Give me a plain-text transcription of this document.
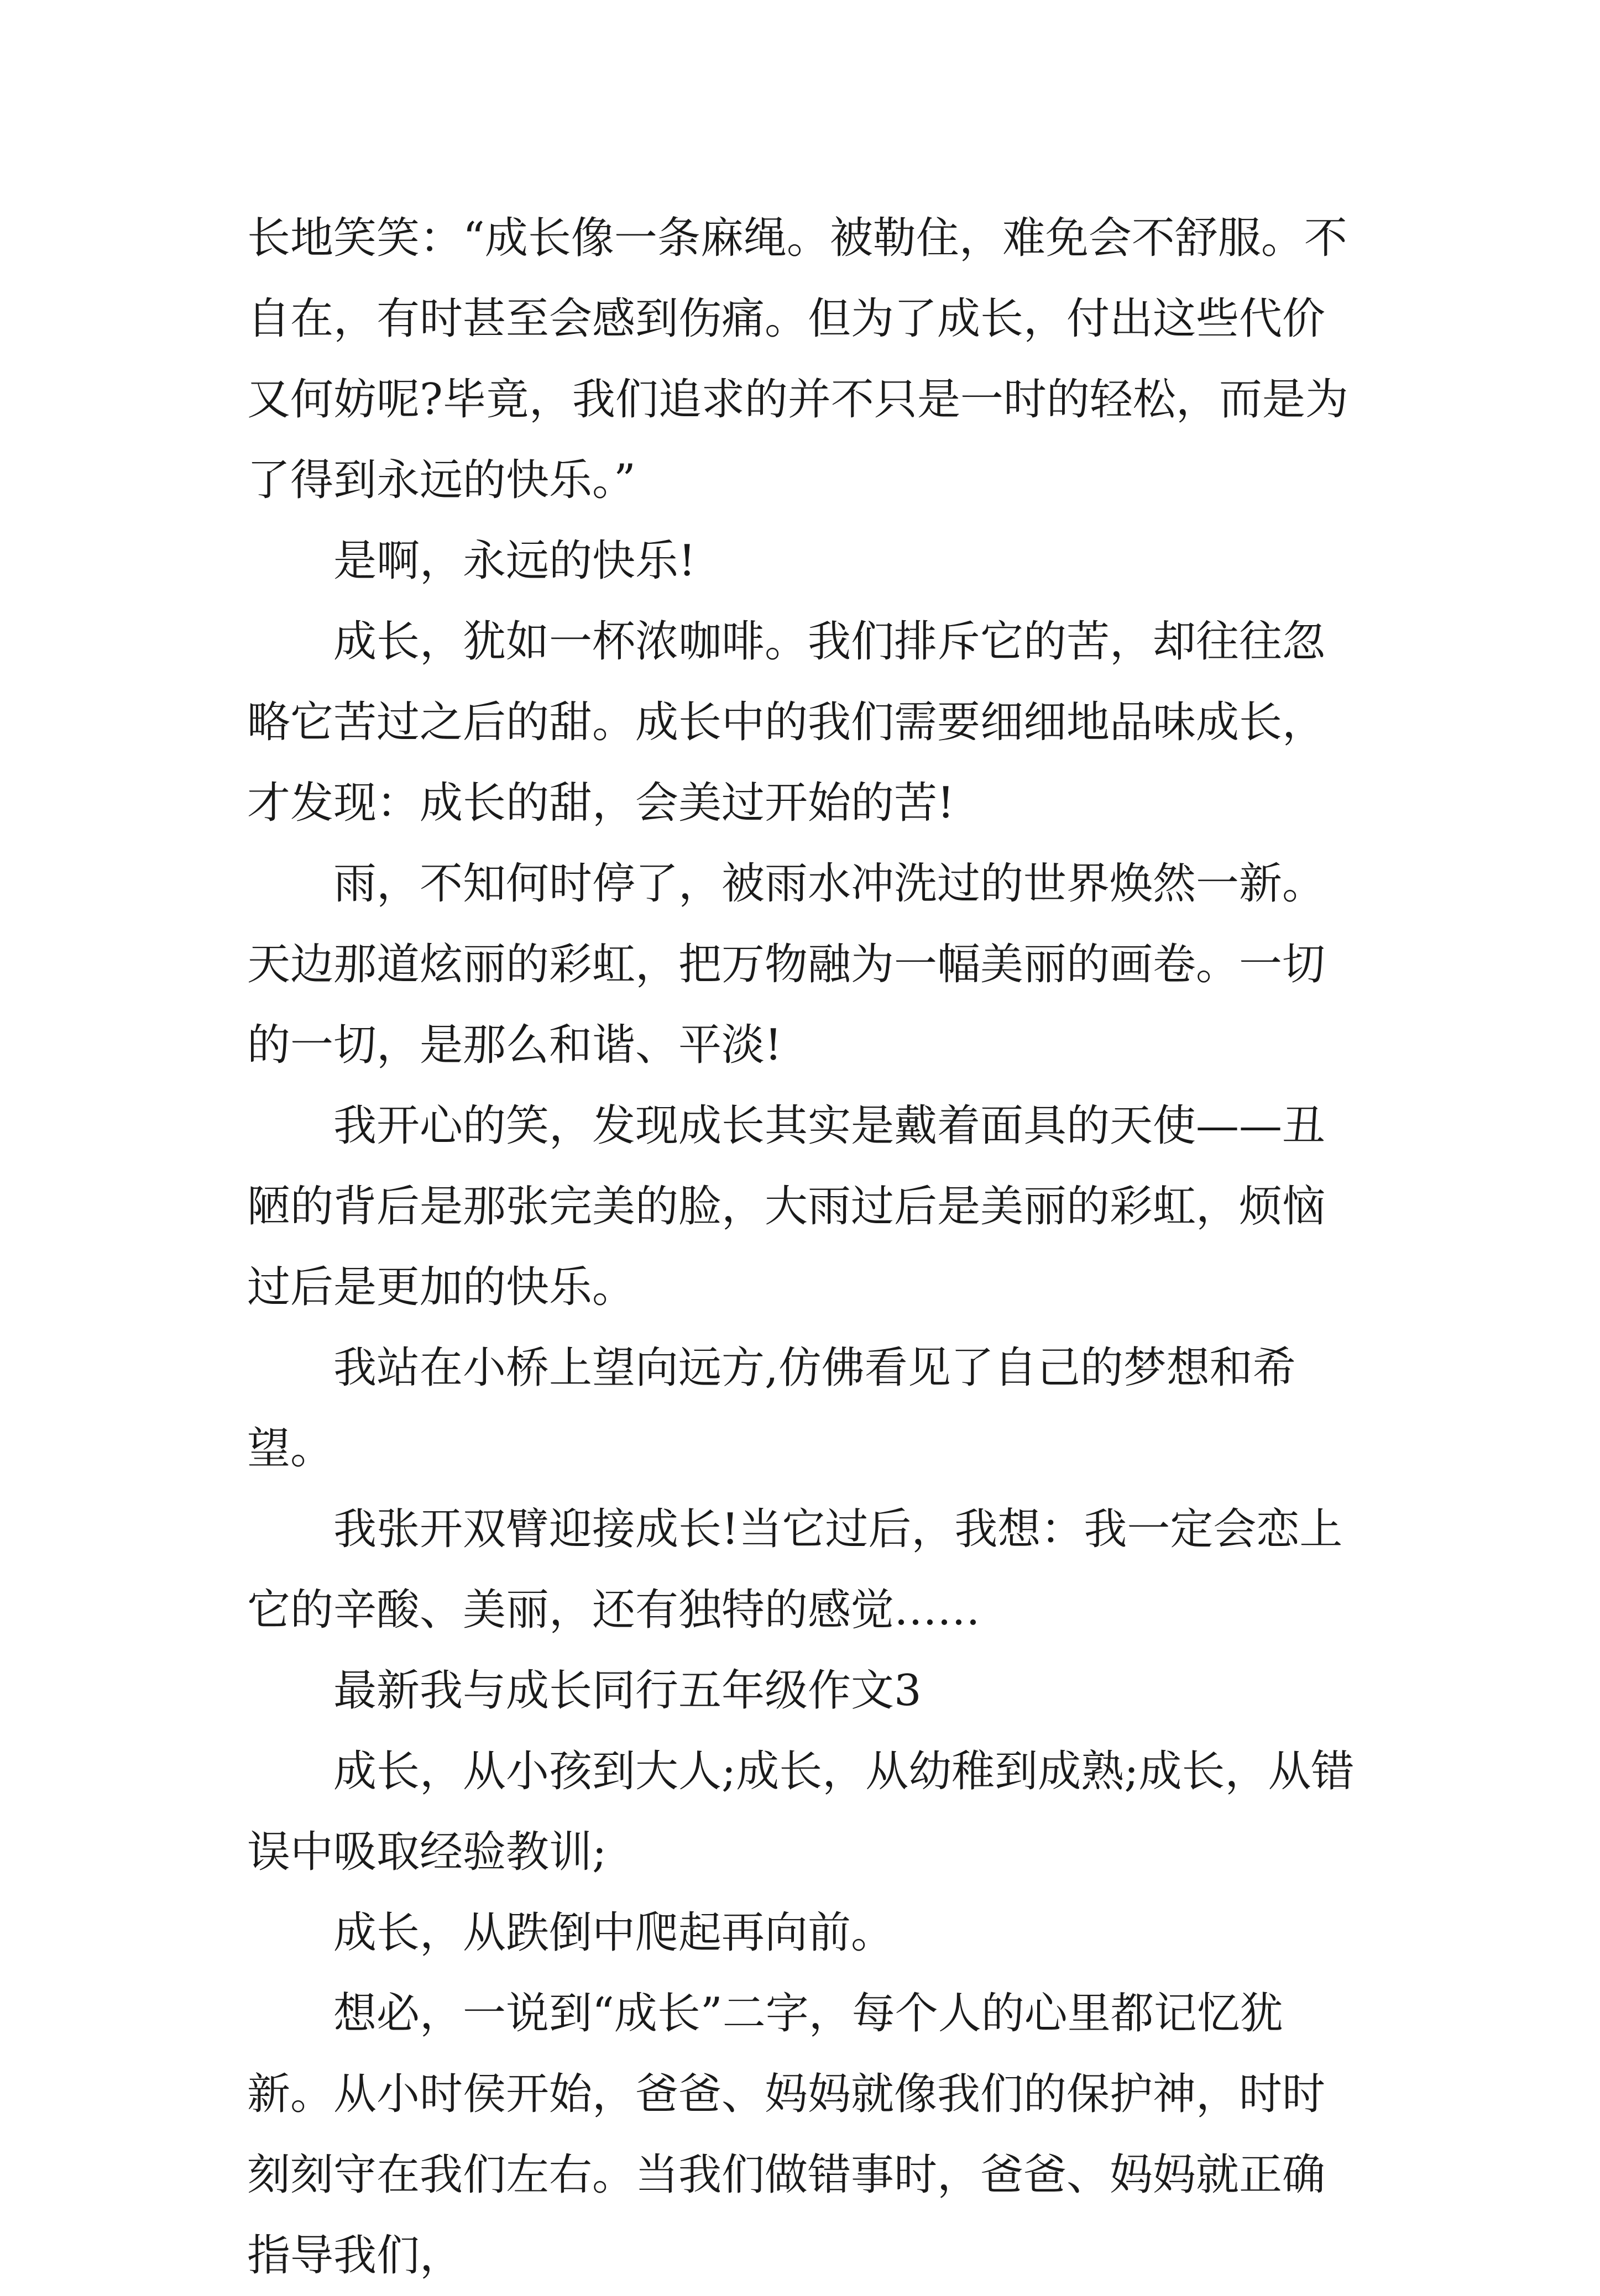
长地笑笑：“成长像一条麻绳。被勒住，难免会不舒服。不自在，有时甚至会感到伤痛。但为了成长，付出这些代价又何妨呢?毕竟，我们追求的并不只是一时的轻松，而是为了得到永远的快乐。”

是啊，永远的快乐!

成长，犹如一杯浓咖啡。我们排斥它的苦，却往往忽略它苦过之后的甜。成长中的我们需要细细地品味成长，才发现：成长的甜，会美过开始的苦!

雨，不知何时停了，被雨水冲洗过的世界焕然一新。天边那道炫丽的彩虹，把万物融为一幅美丽的画卷。一切的一切，是那么和谐、平淡!

我开心的笑，发现成长其实是戴着面具的天使——丑陋的背后是那张完美的脸，大雨过后是美丽的彩虹，烦恼过后是更加的快乐。

我站在小桥上望向远方,仿佛看见了自己的梦想和希望。

我张开双臂迎接成长!当它过后，我想：我一定会恋上它的辛酸、美丽，还有独特的感觉……

最新我与成长同行五年级作文3

成长，从小孩到大人;成长，从幼稚到成熟;成长，从错误中吸取经验教训;

成长，从跌倒中爬起再向前。

想必，一说到“成长”二字，每个人的心里都记忆犹新。从小时侯开始，爸爸、妈妈就像我们的保护神，时时刻刻守在我们左右。当我们做错事时，爸爸、妈妈就正确指导我们，
